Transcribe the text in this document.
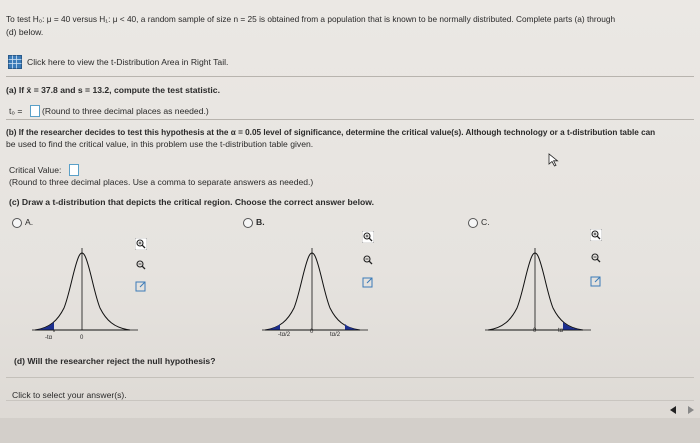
To test H₀: μ = 40 versus H₁: μ < 40, a random sample of size n = 25 is obtained from a population that is known to be normally distributed. Complete parts (a) through
(d) below.
Click here to view the t-Distribution Area in Right Tail.
(a) If x̄ = 37.8 and s = 13.2, compute the test statistic.
t₀ = (Round to three decimal places as needed.)
(b) If the researcher decides to test this hypothesis at the α = 0.05 level of significance, determine the critical value(s). Although technology or a t-distribution table can
be used to find the critical value, in this problem use the t-distribution table given.
Critical Value:
(Round to three decimal places. Use a comma to separate answers as needed.)
(c) Draw a t-distribution that depicts the critical region. Choose the correct answer below.
A.	B.	C.
-tα	0	-tα/2	0	tα/2
0	tα
(d) Will the researcher reject the null hypothesis?
Click to select your answer(s).
